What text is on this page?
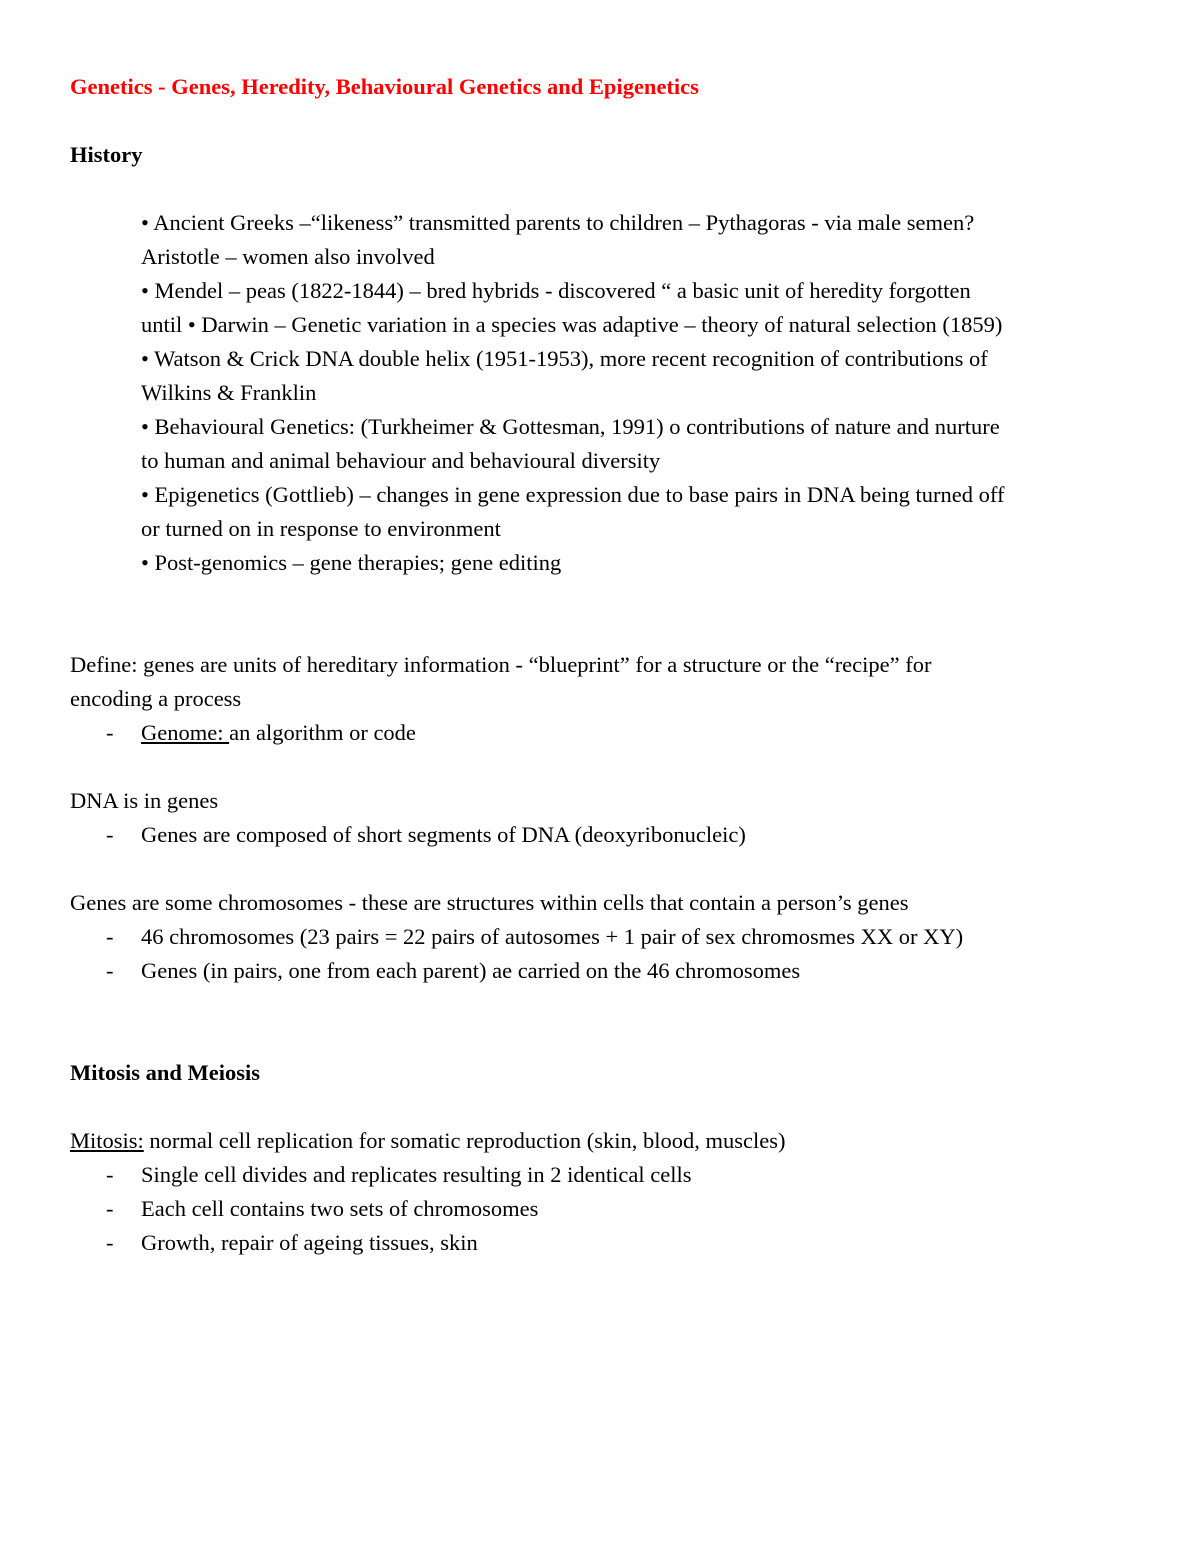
Genetics - Genes, Heredity, Behavioural Genetics and Epigenetics

History

• Ancient Greeks –“likeness” transmitted parents to children – Pythagoras - via male semen?

Aristotle – women also involved

• Mendel – peas (1822-1844) – bred hybrids - discovered “ a basic unit of heredity forgotten

until • Darwin – Genetic variation in a species was adaptive – theory of natural selection (1859)

• Watson & Crick DNA double helix (1951-1953), more recent recognition of contributions of

Wilkins & Franklin

• Behavioural Genetics: (Turkheimer & Gottesman, 1991) o contributions of nature and nurture

to human and animal behaviour and behavioural diversity

• Epigenetics (Gottlieb) – changes in gene expression due to base pairs in DNA being turned off

or turned on in response to environment

• Post-genomics – gene therapies; gene editing

Define: genes are units of hereditary information - “blueprint” for a structure or the “recipe” for

encoding a process

- Genome: an algorithm or code

DNA is in genes

- Genes are composed of short segments of DNA (deoxyribonucleic)

Genes are some chromosomes - these are structures within cells that contain a person’s genes

- 46 chromosomes (23 pairs = 22 pairs of autosomes + 1 pair of sex chromosmes XX or XY)
- Genes (in pairs, one from each parent) ae carried on the 46 chromosomes

Mitosis and Meiosis

Mitosis: normal cell replication for somatic reproduction (skin, blood, muscles)

- Single cell divides and replicates resulting in 2 identical cells
- Each cell contains two sets of chromosomes
- Growth, repair of ageing tissues, skin
